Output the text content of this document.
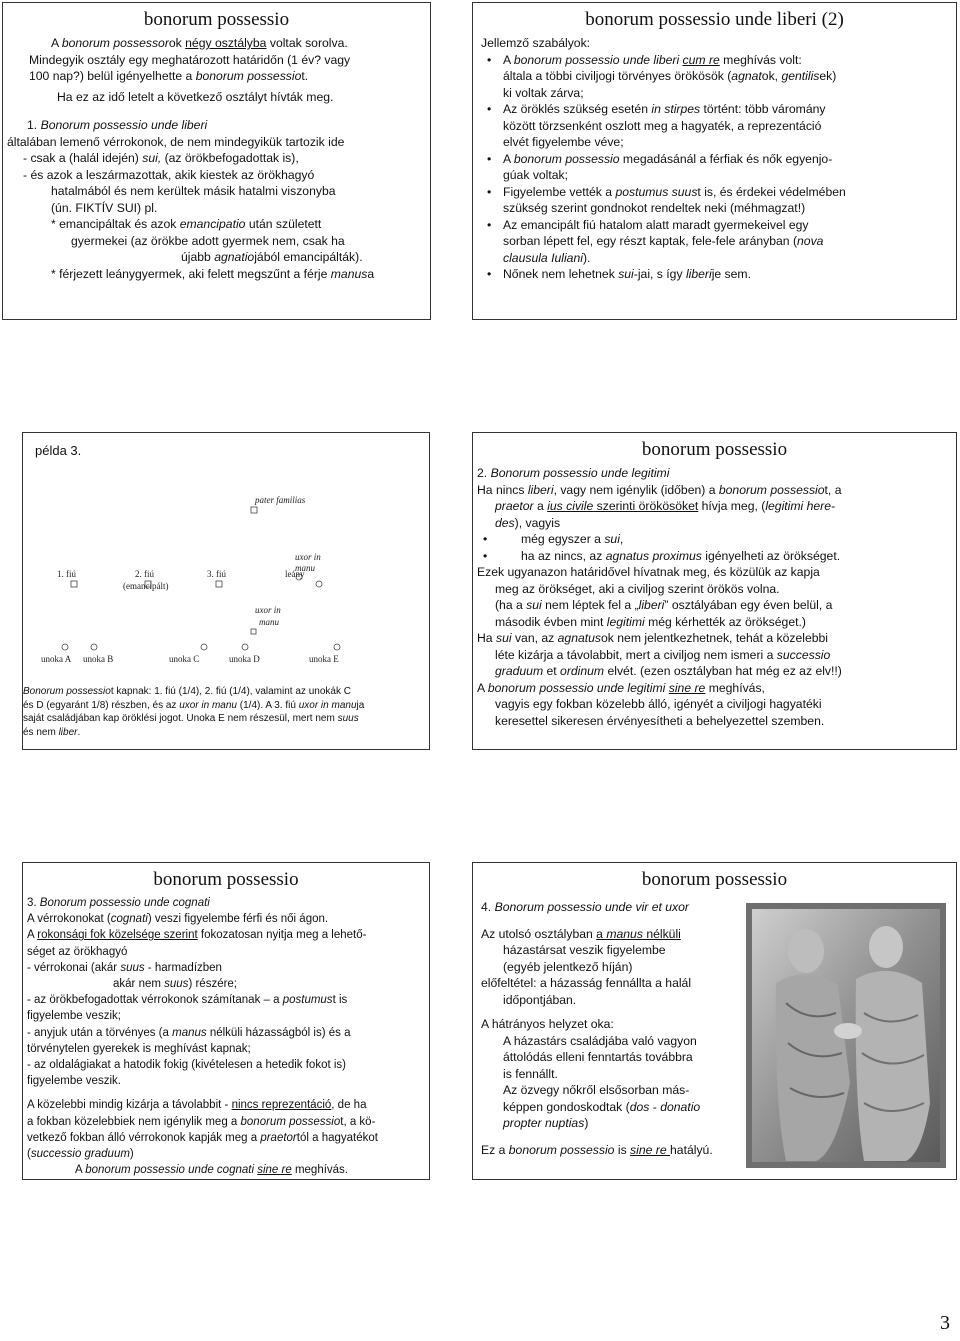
bonorum possessio

A bonorum possessorok négy osztályba voltak sorolva.

Mindegyik osztály egy meghatározott határidőn (1 év? vagy

100 nap?) belül igényelhette a bonorum possessiot.

Ha ez az idő letelt a következő osztályt hívták meg.

1. Bonorum possessio unde liberi

általában lemenő vérrokonok, de nem mindegyikük tartozik ide

- csak a (halál idején) sui, (az örökbefogadottak is),

- és azok a leszármazottak, akik kiestek az örökhagyó

hatalmából és nem kerültek másik hatalmi viszonyba

(ún. FIKTÍV SUI) pl.

* emancipáltak és azok emancipatio után született

gyermekei (az örökbe adott gyermek nem, csak ha

újabb agnatiojából emancipálták).

* férjezett leánygyermek, aki felett megszűnt a férje manusa

bonorum possessio unde liberi (2)

Jellemző szabályok:

• A bonorum possessio unde liberi cum re meghívás volt:

általa a többi civiljogi törvényes örökösök (agnatok, gentilisek)

ki voltak zárva;

• Az öröklés szükség esetén in stirpes történt: több váromány

között törzsenként oszlott meg a hagyaték, a reprezentáció

elvét figyelembe véve;

• A bonorum possessio megadásánál a férfiak és nők egyenjo-

gúak voltak;

• Figyelembe vették a postumus suust is, és érdekei védelmében

szükség szerint gondnokot rendeltek neki (méhmagzat!)

• Az emancipált fiú hatalom alatt maradt gyermekeivel egy

sorban lépett fel, egy részt kaptak, fele-fele arányban (nova

clausula Iuliani).

• Nőnek nem lehetnek sui-jai, s így liberije sem.

példa 3.
pater familias
uxor in
manu
1. fiú	2. fiú
(emancipált)
3. fiú	leány
uxor in
manu
unoka A unoka B	unoka C	unoka D	unoka E
Bonorum possessiot kapnak: 1. fiú (1/4), 2. fiú (1/4), valamint az unokák C
és D (egyaránt 1/8) részben, és az uxor in manu (1/4). A 3. fiú uxor in manuja
saját családjában kap öröklési jogot. Unoka E nem részesül, mert nem suus
és nem liber.
bonorum possessio

2. Bonorum possessio unde legitimi

Ha nincs liberi, vagy nem igénylik (időben) a bonorum possessiot, a

praetor a ius civile szerinti örökösöket hívja meg, (legitimi here-

des), vagyis

• még egyszer a sui,

• ha az nincs, az agnatus proximus igényelheti az örökséget.

Ezek ugyanazon határidővel hívatnak meg, és közülük az kapja

meg az örökséget, aki a civiljog szerint örökös volna.

(ha a sui nem léptek fel a „liberi” osztályában egy éven belül, a

második évben mint legitimi még kérhették az örökséget.)

Ha sui van, az agnatusok nem jelentkezhetnek, tehát a közelebbi

léte kizárja a távolabbit, mert a civiljog nem ismeri a successio

graduum et ordinum elvét. (ezen osztályban hat még ez az elv!!)

A bonorum possessio unde legitimi sine re meghívás,

vagyis egy fokban közelebb álló, igényét a civiljogi hagyatéki

keresettel sikeresen érvényesítheti a behelyezettel szemben.

bonorum possessio

3. Bonorum possessio unde cognati

A vérrokonokat (cognati) veszi figyelembe férfi és női ágon.

A rokonsági fok közelsége szerint fokozatosan nyitja meg a lehető-

séget az örökhagyó

- vérrokonai (akár suus - harmadízben

akár nem suus) részére;

- az örökbefogadottak vérrokonok számítanak – a postumust is

figyelembe veszik;

- anyjuk után a törvényes (a manus nélküli házasságból is) és a

törvénytelen gyerekek is meghívást kapnak;

- az oldalágiakat a hatodik fokig (kivételesen a hetedik fokot is)

figyelembe veszik.

A közelebbi mindig kizárja a távolabbit - nincs reprezentáció, de ha

a fokban közelebbiek nem igénylik meg a bonorum possessiot, a kö-

vetkező fokban álló vérrokonok kapják meg a praetortól a hagyatékot

(successio graduum)

A bonorum possessio unde cognati sine re meghívás.

bonorum possessio

4. Bonorum possessio unde vir et uxor

Az utolsó osztályban a manus nélküli

házastársat veszik figyelembe

(egyéb jelentkező híján)

előfeltétel: a házasság fennállta a halál

időpontjában.

A hátrányos helyzet oka:

A házastárs családjába való vagyon

áttolódás elleni fenntartás továbbra

is fennállt.

Az özvegy nőkről elsősorban más-

képpen gondoskodtak (dos - donatio

propter nuptias)

Ez a bonorum possessio is sine re hatályú.

3
